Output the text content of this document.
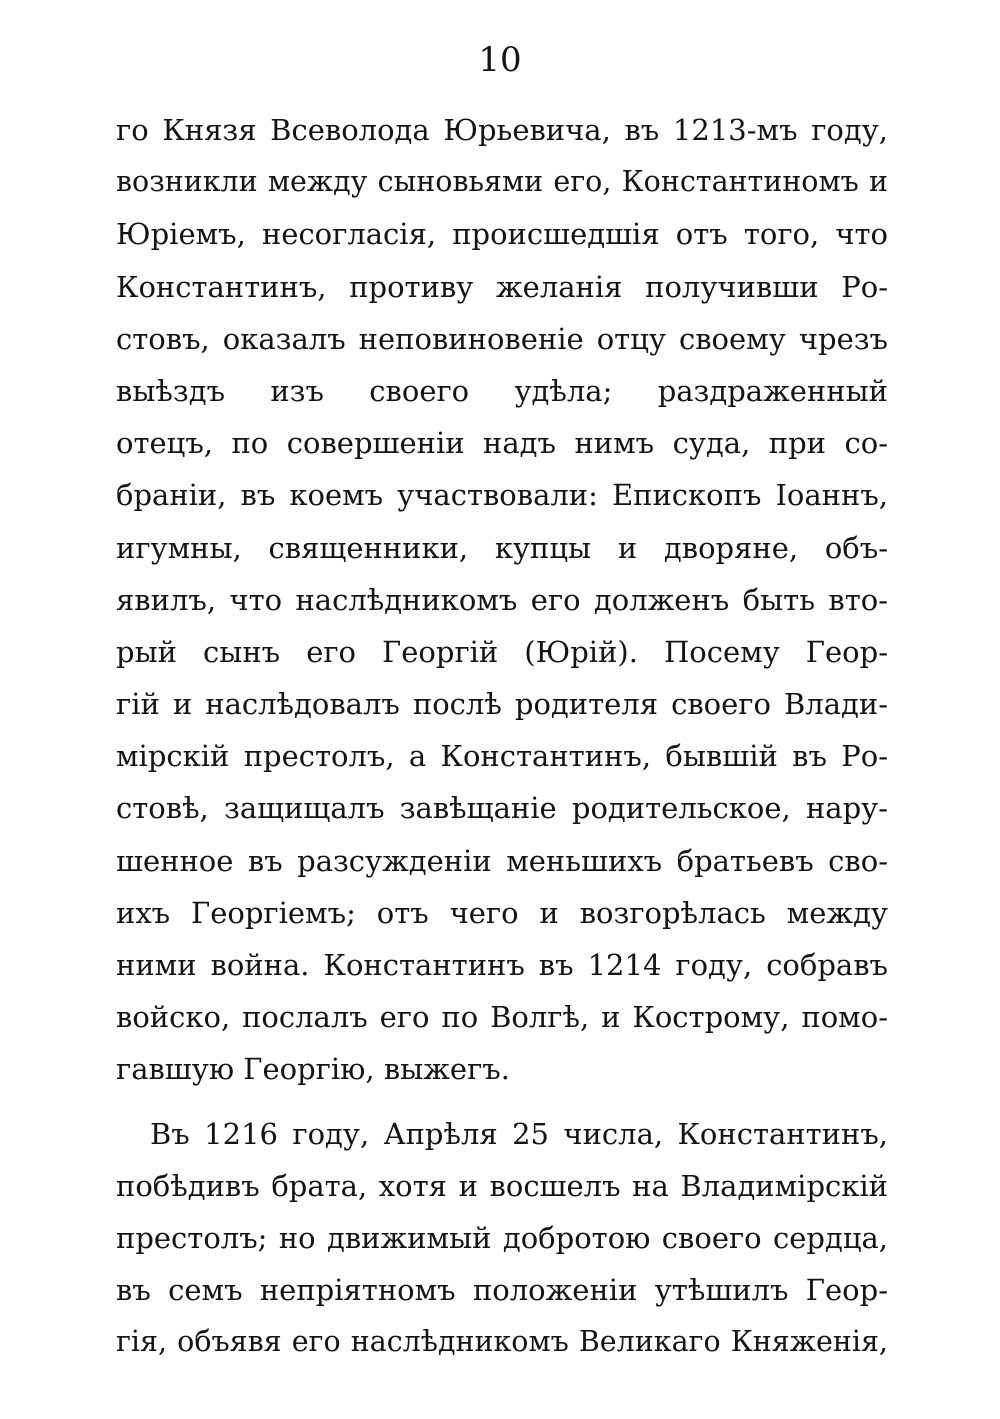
10
го Князя Всеволода Юрьевича, въ 1213-мъ году,
возникли между сыновьями его, Константиномъ и
Юріемъ, несогласія, происшедшія отъ того, что
Константинъ, противу желанія получивши Ро-
стовъ, оказалъ неповиновеніе отцу своему чрезъ
выѣздъ изъ своего удѣла; раздраженный
отецъ, по совершеніи надъ нимъ суда, при со-
браніи, въ коемъ участвовали: Епископъ Іоаннъ,
игумны, священники, купцы и дворяне, объ-
явилъ, что наслѣдникомъ его долженъ быть вто-
рый сынъ его Георгій (Юрій). Посему Геор-
гій и наслѣдовалъ послѣ родителя своего Влади-
мірскій престолъ, а Константинъ, бывшій въ Ро-
стовѣ, защищалъ завѣщаніе родительское, нару-
шенное въ разсужденіи меньшихъ братьевъ сво-
ихъ Георгіемъ; отъ чего и возгорѣлась между
ними война. Константинъ въ 1214 году, собравъ
войско, послалъ его по Волгѣ, и Кострому, помо-
гавшую Георгію, выжегъ.
Въ 1216 году, Апрѣля 25 числа, Константинъ,
побѣдивъ брата, хотя и восшелъ на Владимірскій
престолъ; но движимый добротою своего сердца,
въ семъ непріятномъ положеніи утѣшилъ Геор-
гія, объявя его наслѣдникомъ Великаго Княженія,
